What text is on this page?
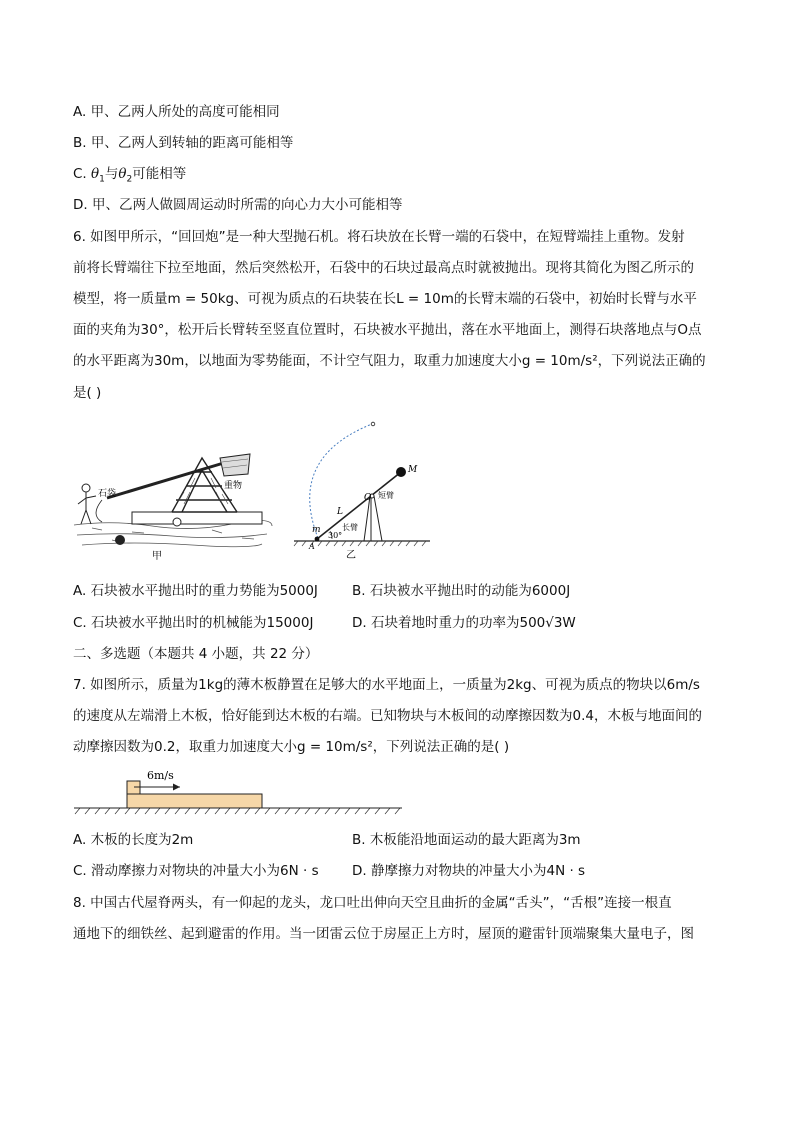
A. 甲、乙两人所处的高度可能相同
B. 甲、乙两人到转轴的距离可能相等
C. $\theta_1$与$\theta_2$可能相等
D. 甲、乙两人做圆周运动时所需的向心力大小可能相等
6. 如图甲所示，“回回炮”是一种大型抛石机。将石块放在长臂一端的石袋中，在短臂端挂上重物。发射
前将长臂端往下拉至地面，然后突然松开，石袋中的石块过最高点时就被抛出。现将其简化为图乙所示的
模型，将一质量m = 50kg、可视为质点的石块装在长L = 10m的长臂末端的石袋中，初始时长臂与水平
面的夹角为30°，松开后长臂转至竖直位置时，石块被水平抛出，落在水平地面上，测得石块落地点与O点
的水平距离为30m，以地面为零势能面，不计空气阻力，取重力加速度大小g = 10m/s²，下列说法正确的
是( )
石袋
重物
甲
M
O 短臂
L
长臂
m
30°
A
乙
A. 石块被水平抛出时的重力势能为5000J	B. 石块被水平抛出时的动能为6000J
C. 石块被水平抛出时的机械能为15000J	D. 石块着地时重力的功率为500√3W
二、多选题（本题共 4 小题，共 22 分）
7. 如图所示，质量为1kg的薄木板静置在足够大的水平地面上，一质量为2kg、可视为质点的物块以6m/s
的速度从左端滑上木板，恰好能到达木板的右端。已知物块与木板间的动摩擦因数为0.4，木板与地面间的
动摩擦因数为0.2，取重力加速度大小g = 10m/s²，下列说法正确的是( )
6m/s
A. 木板的长度为2m	B. 木板能沿地面运动的最大距离为3m
C. 滑动摩擦力对物块的冲量大小为6N · s D. 静摩擦力对物块的冲量大小为4N · s
8. 中国古代屋脊两头，有一仰起的龙头，龙口吐出伸向天空且曲折的金属“舌头”，“舌根”连接一根直
通地下的细铁丝、起到避雷的作用。当一团雷云位于房屋正上方时，屋顶的避雷针顶端聚集大量电子，图
